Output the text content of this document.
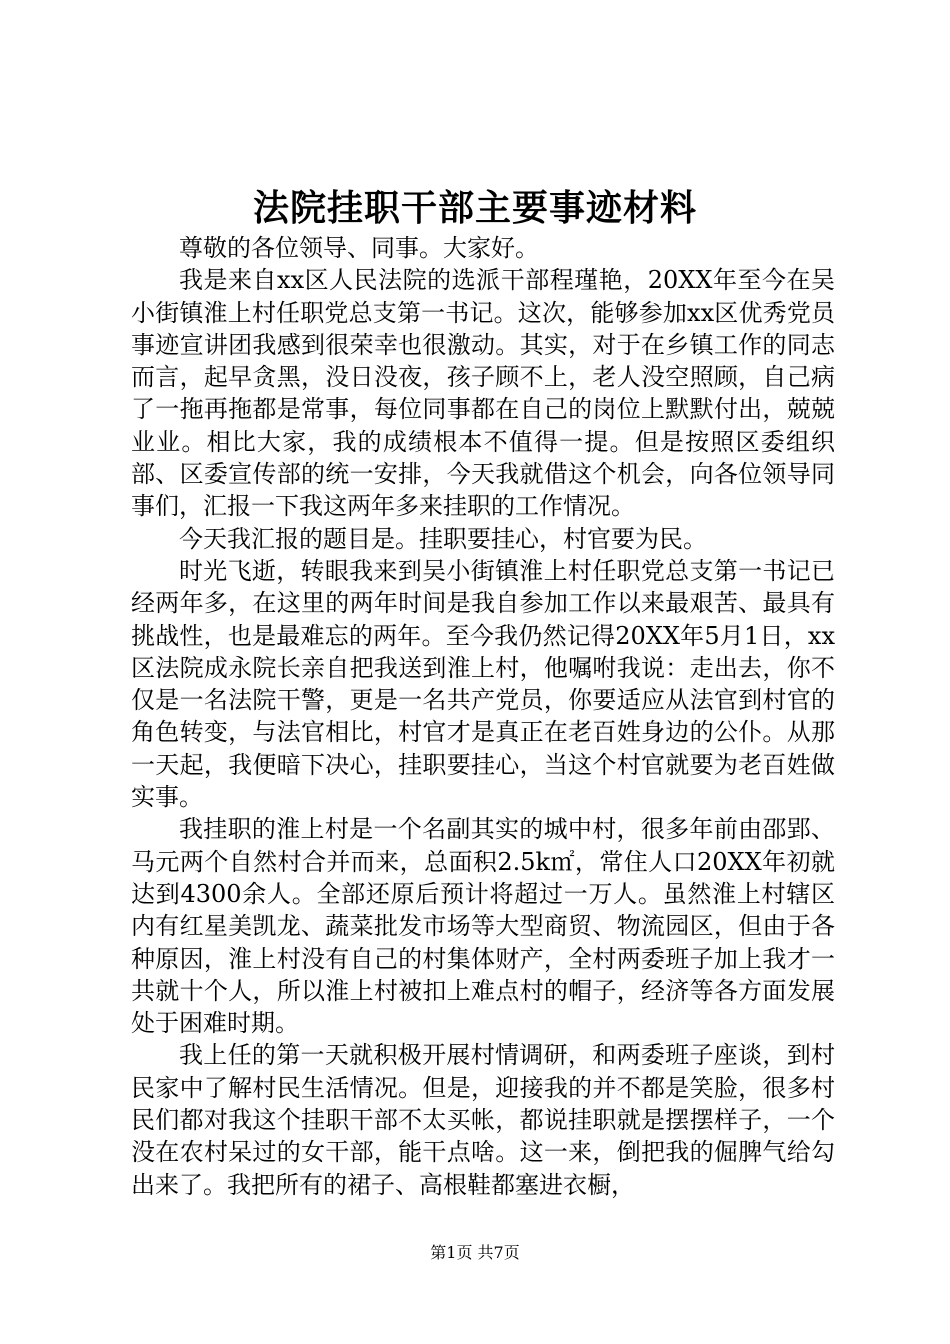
法院挂职干部主要事迹材料

尊敬的各位领导、同事。大家好。

我是来自xx区人民法院的选派干部程瑾艳，20XX年至今在吴小街镇淮上村任职党总支第一书记。这次，能够参加xx区优秀党员事迹宣讲团我感到很荣幸也很激动。其实，对于在乡镇工作的同志而言，起早贪黑，没日没夜，孩子顾不上，老人没空照顾，自己病了一拖再拖都是常事，每位同事都在自己的岗位上默默付出，兢兢业业。相比大家，我的成绩根本不值得一提。但是按照区委组织部、区委宣传部的统一安排，今天我就借这个机会，向各位领导同事们，汇报一下我这两年多来挂职的工作情况。

今天我汇报的题目是。挂职要挂心，村官要为民。

时光飞逝，转眼我来到吴小街镇淮上村任职党总支第一书记已经两年多，在这里的两年时间是我自参加工作以来最艰苦、最具有挑战性，也是最难忘的两年。至今我仍然记得20XX年5月1日，xx区法院成永院长亲自把我送到淮上村，他嘱咐我说：走出去，你不仅是一名法院干警，更是一名共产党员，你要适应从法官到村官的角色转变，与法官相比，村官才是真正在老百姓身边的公仆。从那一天起，我便暗下决心，挂职要挂心，当这个村官就要为老百姓做实事。

我挂职的淮上村是一个名副其实的城中村，很多年前由邵郢、马元两个自然村合并而来，总面积2.5k㎡，常住人口20XX年初就达到4300余人。全部还原后预计将超过一万人。虽然淮上村辖区内有红星美凯龙、蔬菜批发市场等大型商贸、物流园区，但由于各种原因，淮上村没有自己的村集体财产，全村两委班子加上我才一共就十个人，所以淮上村被扣上难点村的帽子，经济等各方面发展处于困难时期。

我上任的第一天就积极开展村情调研，和两委班子座谈，到村民家中了解村民生活情况。但是，迎接我的并不都是笑脸，很多村民们都对我这个挂职干部不太买帐，都说挂职就是摆摆样子，一个没在农村呆过的女干部，能干点啥。这一来，倒把我的倔脾气给勾出来了。我把所有的裙子、高根鞋都塞进衣橱，

第1页 共7页
